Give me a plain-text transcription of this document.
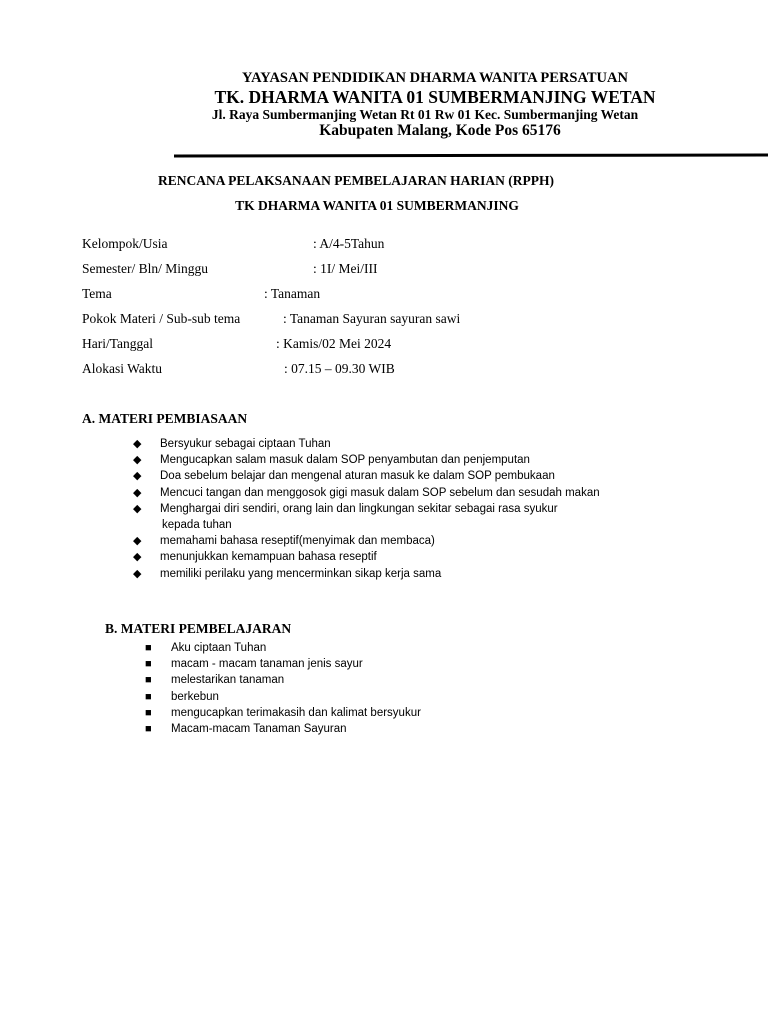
YAYASAN PENDIDIKAN DHARMA WANITA PERSATUAN
TK. DHARMA WANITA 01 SUMBERMANJING WETAN
Jl. Raya Sumbermanjing Wetan Rt 01 Rw 01 Kec. Sumbermanjing Wetan
Kabupaten Malang, Kode Pos 65176
RENCANA PELAKSANAAN PEMBELAJARAN HARIAN (RPPH)
TK DHARMA WANITA 01 SUMBERMANJING
Kelompok/Usia	: A/4-5Tahun
Semester/ Bln/ Minggu	: 1I/ Mei/III
Tema	: Tanaman
Pokok Materi / Sub-sub tema	: Tanaman Sayuran sayuran sawi
Hari/Tanggal	: Kamis/02 Mei 2024
Alokasi Waktu	: 07.15 – 09.30 WIB
A. MATERI PEMBIASAAN
◆ Bersyukur sebagai ciptaan Tuhan
◆ Mengucapkan salam masuk dalam SOP penyambutan dan penjemputan
◆ Doa sebelum belajar dan mengenal aturan masuk ke dalam SOP pembukaan
◆ Mencuci tangan dan menggosok gigi masuk dalam SOP sebelum dan sesudah makan
◆ Menghargai diri sendiri, orang lain dan lingkungan sekitar sebagai rasa syukur
kepada tuhan
◆ memahami bahasa reseptif(menyimak dan membaca)
◆ menunjukkan kemampuan bahasa reseptif
◆ memiliki perilaku yang mencerminkan sikap kerja sama
B. MATERI PEMBELAJARAN
■ Aku ciptaan Tuhan
■ macam - macam tanaman jenis sayur
■ melestarikan tanaman
■ berkebun
■ mengucapkan terimakasih dan kalimat bersyukur
■ Macam-macam Tanaman Sayuran
